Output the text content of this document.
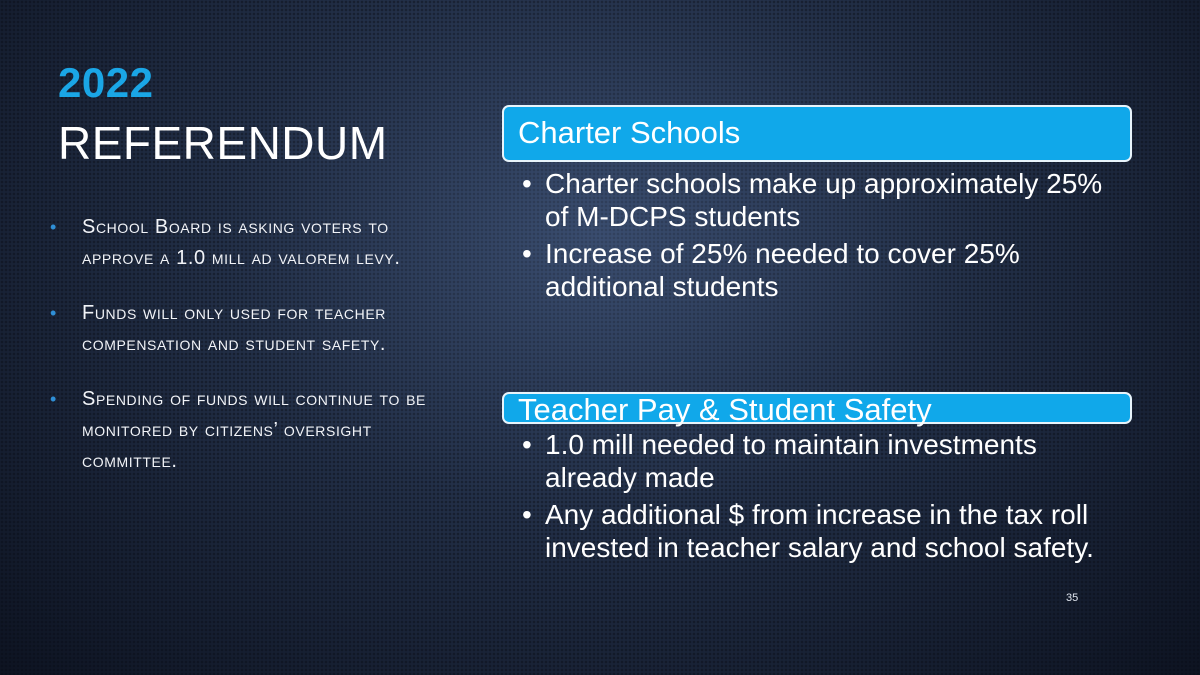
2022
REFERENDUM
• School Board is asking voters to approve a 1.0 mill ad valorem levy.
• Funds will only used for teacher compensation and student safety.
• Spending of funds will continue to be monitored by citizens’ oversight committee.
Charter Schools
• Charter schools make up approximately 25% of M-DCPS students
• Increase of 25% needed to cover 25% additional students
Teacher Pay & Student Safety
• 1.0 mill needed to maintain investments already made
• Any additional $ from increase in the tax roll invested in teacher salary and school safety.
35
